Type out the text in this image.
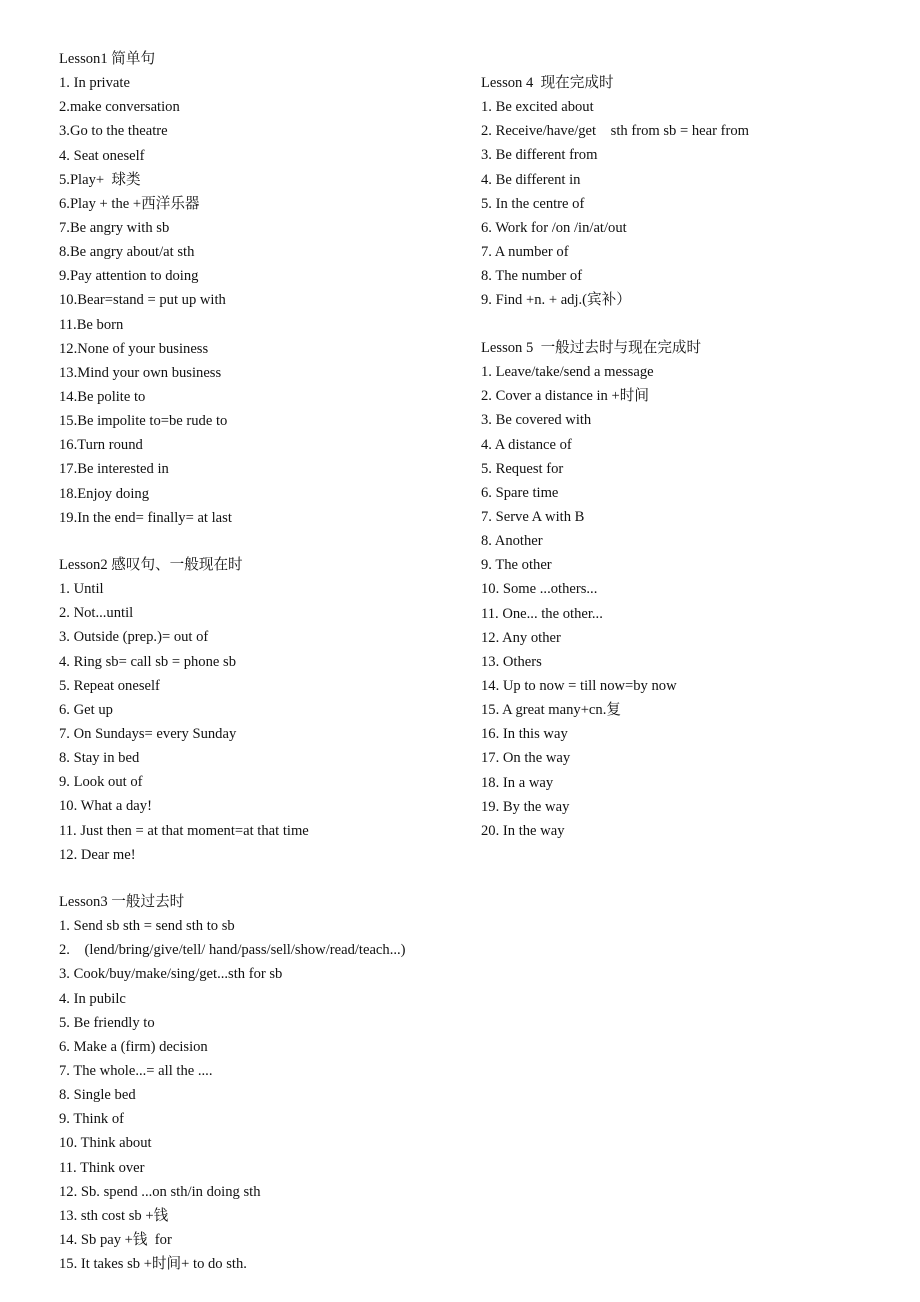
Lesson1 简单句
1. In private
2.make conversation
3.Go to the theatre
4. Seat oneself
5.Play+  球类
6.Play + the +西洋乐器
7.Be angry with sb
8.Be angry about/at sth
9.Pay attention to doing
10.Bear=stand = put up with
11.Be born
12.None of your business
13.Mind your own business
14.Be polite to
15.Be impolite to=be rude to
16.Turn round
17.Be interested in
18.Enjoy doing
19.In the end= finally= at last
Lesson2 感叹句、一般现在时
1. Until
2. Not...until
3. Outside (prep.)= out of
4. Ring sb= call sb = phone sb
5. Repeat oneself
6. Get up
7. On Sundays= every Sunday
8. Stay in bed
9. Look out of
10. What a day!
11. Just then = at that moment=at that time
12. Dear me!
Lesson3 一般过去时
1. Send sb sth = send sth to sb
2.    (lend/bring/give/tell/ hand/pass/sell/show/read/teach...)
3. Cook/buy/make/sing/get...sth for sb
4. In pubilc
5. Be friendly to
6. Make a (firm) decision
7. The whole...= all the ....
8. Single bed
9. Think of
10. Think about
11. Think over
12. Sb. spend ...on sth/in doing sth
13. sth cost sb +钱
14. Sb pay +钱  for
15. It takes sb +时间+ to do sth.
Lesson 4  现在完成时
1. Be excited about
2. Receive/have/get    sth from sb = hear from
3. Be different from
4. Be different in
5. In the centre of
6. Work for /on /in/at/out
7. A number of
8. The number of
9. Find +n. + adj.(宾补）
Lesson 5  一般过去时与现在完成时
1. Leave/take/send a message
2. Cover a distance in +时间
3. Be covered with
4. A distance of
5. Request for
6. Spare time
7. Serve A with B
8. Another
9. The other
10. Some ...others...
11. One... the other...
12. Any other
13. Others
14. Up to now = till now=by now
15. A great many+cn.复
16. In this way
17. On the way
18. In a way
19. By the way
20. In the way
